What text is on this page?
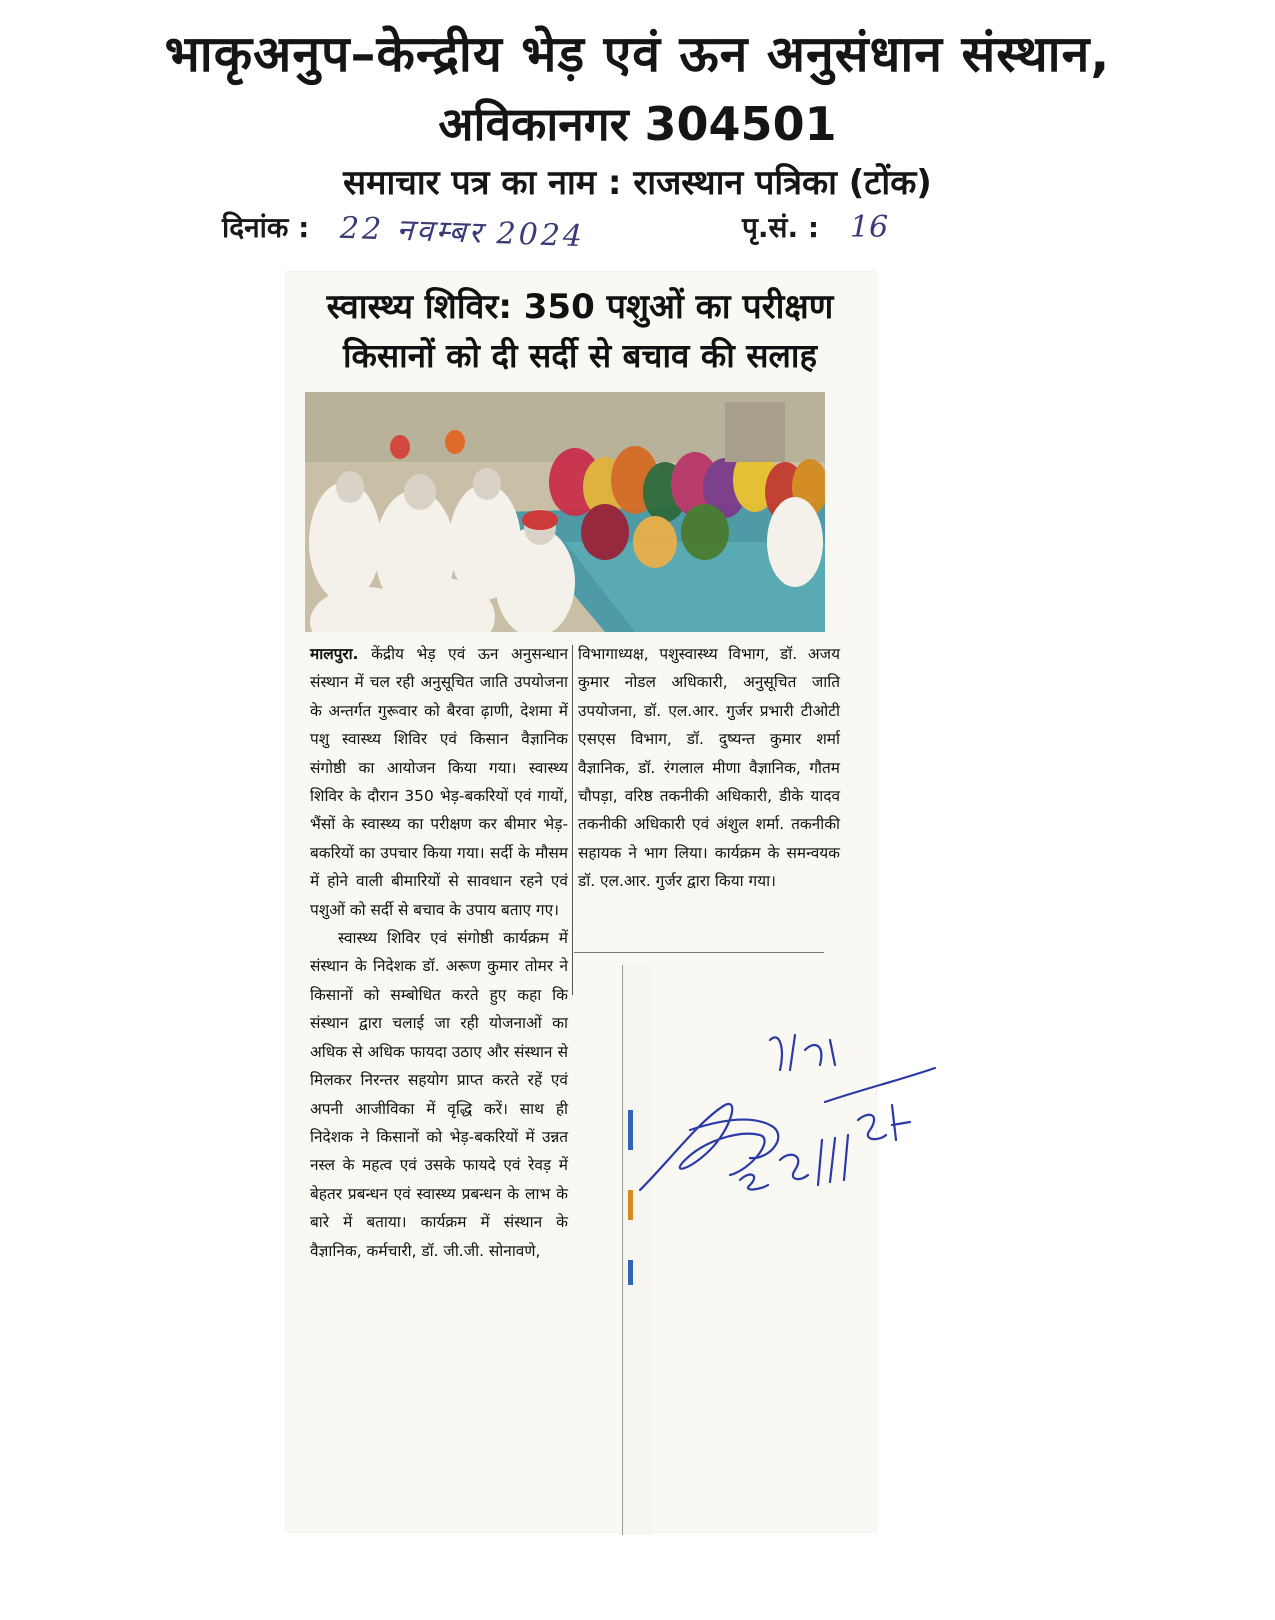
भाकृअनुप–केन्द्रीय भेड़ एवं ऊन अनुसंधान संस्थान,
अविकानगर 304501
समाचार पत्र का नाम : राजस्थान पत्रिका (टोंक)
दिनांक : 22 नवम्बर 2024	पृ.सं. : 16
स्वास्थ्य शिविर: 350 पशुओं का परीक्षण
किसानों को दी सर्दी से बचाव की सलाह

मालपुरा. केंद्रीय भेड़ एवं ऊन अनुसन्धान संस्थान में चल रही अनुसूचित जाति उपयोजना के अन्तर्गत गुरूवार को बैरवा ढ़ाणी, देशमा में पशु स्वास्थ्य शिविर एवं किसान वैज्ञानिक संगोष्ठी का आयोजन किया गया। स्वास्थ्य शिविर के दौरान 350 भेड़-बकरियों एवं गायों, भैंसों के स्वास्थ्य का परीक्षण कर बीमार भेड़-बकरियों का उपचार किया गया। सर्दी के मौसम में होने वाली बीमारियों से सावधान रहने एवं पशुओं को सर्दी से बचाव के उपाय बताए गए।

स्वास्थ्य शिविर एवं संगोष्ठी कार्यक्रम में संस्थान के निदेशक डॉ. अरूण कुमार तोमर ने किसानों को सम्बोधित करते हुए कहा कि संस्थान द्वारा चलाई जा रही योजनाओं का अधिक से अधिक फायदा उठाए और संस्थान से मिलकर निरन्तर सहयोग प्राप्त करते रहें एवं अपनी आजीविका में वृद्धि करें। साथ ही निदेशक ने किसानों को भेड़-बकरियों में उन्नत नस्ल के महत्व एवं उसके फायदे एवं रेवड़ में बेहतर प्रबन्धन एवं स्वास्थ्य प्रबन्धन के लाभ के बारे में बताया। कार्यक्रम में संस्थान के वैज्ञानिक, कर्मचारी, डॉ. जी.जी. सोनावणे,

विभागाध्यक्ष, पशुस्वास्थ्य विभाग, डॉ. अजय कुमार नोडल अधिकारी, अनुसूचित जाति उपयोजना, डॉ. एल.आर. गुर्जर प्रभारी टीओटी एसएस विभाग, डॉ. दुष्यन्त कुमार शर्मा वैज्ञानिक, डॉ. रंगलाल मीणा वैज्ञानिक, गौतम चौपड़ा, वरिष्ठ तकनीकी अधिकारी, डीके यादव तकनीकी अधिकारी एवं अंशुल शर्मा. तकनीकी सहायक ने भाग लिया। कार्यक्रम के समन्वयक डॉ. एल.आर. गुर्जर द्वारा किया गया।
